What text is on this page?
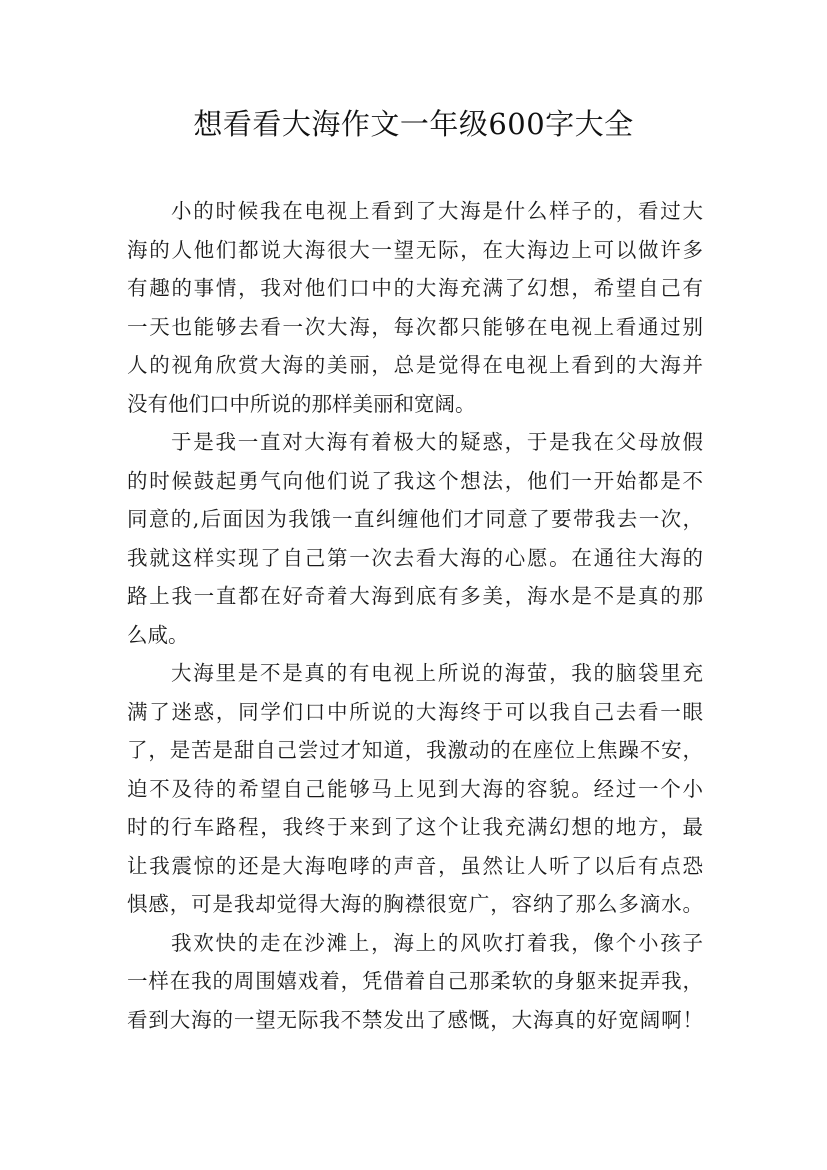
想看看大海作文一年级600字大全
小的时候我在电视上看到了大海是什么样子的，看过大
海的人他们都说大海很大一望无际，在大海边上可以做许多
有趣的事情，我对他们口中的大海充满了幻想，希望自己有
一天也能够去看一次大海，每次都只能够在电视上看通过别
人的视角欣赏大海的美丽，总是觉得在电视上看到的大海并
没有他们口中所说的那样美丽和宽阔。
于是我一直对大海有着极大的疑惑，于是我在父母放假
的时候鼓起勇气向他们说了我这个想法，他们一开始都是不
同意的,后面因为我饿一直纠缠他们才同意了要带我去一次，
我就这样实现了自己第一次去看大海的心愿。在通往大海的
路上我一直都在好奇着大海到底有多美，海水是不是真的那
么咸。
大海里是不是真的有电视上所说的海萤，我的脑袋里充
满了迷惑，同学们口中所说的大海终于可以我自己去看一眼
了，是苦是甜自己尝过才知道，我激动的在座位上焦躁不安，
迫不及待的希望自己能够马上见到大海的容貌。经过一个小
时的行车路程，我终于来到了这个让我充满幻想的地方，最
让我震惊的还是大海咆哮的声音，虽然让人听了以后有点恐
惧感，可是我却觉得大海的胸襟很宽广，容纳了那么多滴水。
我欢快的走在沙滩上，海上的风吹打着我，像个小孩子
一样在我的周围嬉戏着，凭借着自己那柔软的身躯来捉弄我，
看到大海的一望无际我不禁发出了感慨，大海真的好宽阔啊！
